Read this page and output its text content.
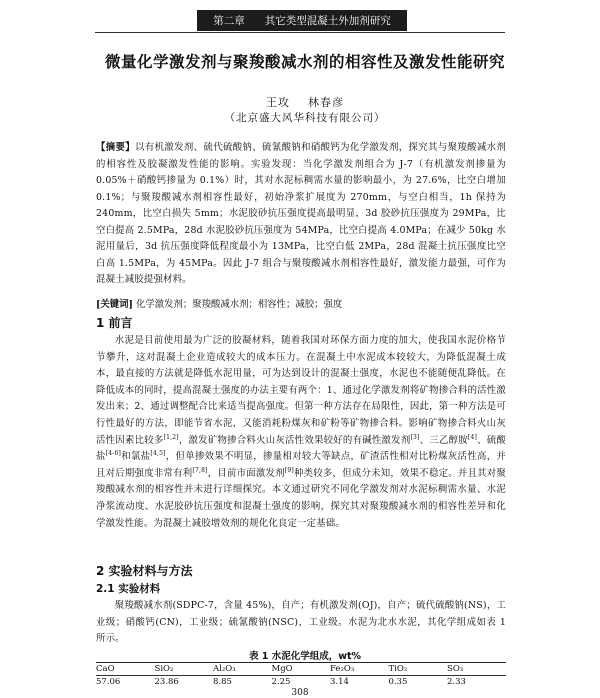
第二章 其它类型混凝土外加剂研究
微量化学激发剂与聚羧酸减水剂的相容性及激发性能研究
王攻 林春彦
（北京盛大风华科技有限公司）
【摘要】以有机激发剂、硫代硫酸钠、硫氰酸钠和硝酸钙为化学激发剂，探究其与聚羧酸减水剂的相容性及胶凝激发性能的影响。实验发现：当化学激发剂组合为 J-7（有机激发剂掺量为 0.05%＋硝酸钙掺量为 0.1%）时，其对水泥标稠需水量的影响最小，为 27.6%，比空白增加 0.1%；与聚羧酸减水剂相容性最好，初始净浆扩展度为 270mm，与空白相当，1h 保持为 240mm，比空白损失 5mm；水泥胶砂抗压强度提高最明显，3d 胶砂抗压强度为 29MPa，比空白提高 2.5MPa，28d 水泥胶砂抗压强度为 54MPa，比空白提高 4.0MPa；在减少 50kg 水泥用量后，3d 抗压强度降低程度最小为 13MPa，比空白低 2MPa，28d 混凝土抗压强度比空白高 1.5MPa，为 45MPa。因此 J-7 组合与聚羧酸减水剂相容性最好，激发能力最强，可作为混凝土减胶提强材料。
[关键词] 化学激发剂；聚羧酸减水剂；相容性；减胶；强度
1 前言
水泥是目前使用最为广泛的胶凝材料，随着我国对环保方面力度的加大，使我国水泥价格节节攀升，这对混凝土企业造成较大的成本压力。在混凝土中水泥成本较较大，为降低混凝土成本，最直接的方法就是降低水泥用量，可为达到设计的混凝土强度，水泥也不能随便乱降低。在降低成本的同时，提高混凝土强度的办法主要有两个：1、通过化学激发剂将矿物掺合料的活性激发出来；2、通过调整配合比来适当提高强度。但第一种方法存在局限性，因此，第一种方法是可行性最好的方法，即能节省水泥，又能消耗粉煤灰和矿粉等矿物掺合料。影响矿物掺合料火山灰活性因素比较多[1,2]，激发矿物掺合料火山灰活性效果较好的有碱性激发剂[3]、三乙醇胺[4]、硫酸盐[4-6]和氯盐[4,5]，但单掺效果不明显，掺量相对较大等缺点，矿渣活性相对比粉煤灰活性高，并且对后期强度非常有利[7,8]，目前市面激发剂[9]种类较多，但成分未知，效果不稳定。并且其对聚羧酸减水剂的相容性并未进行详细探究。本文通过研究不同化学激发剂对水泥标稠需水量、水泥净浆流动度、水泥胶砂抗压强度和混凝土强度的影响，探究其对聚羧酸减水剂的相容性差异和化学激发性能。为混凝土减胶增效剂的规化化良定一定基础。
2 实验材料与方法
2.1 实验材料
聚羧酸减水剂(SDPC-7，含量 45%)，自产；有机激发剂(OJ)，自产；硫代硫酸钠(NS)，工业级；硝酸钙(CN)，工业级；硫氰酸钠(NSC)，工业级。水泥为北水水泥，其化学组成如表 1 所示。
表 1 水泥化学组成，wt%
CaO	SiO₂	Al₂O₃	MgO	Fe₂O₃	TiO₂	SO₃
57.06	23.86	8.85	2.25	3.14	0.35	2.33
308
